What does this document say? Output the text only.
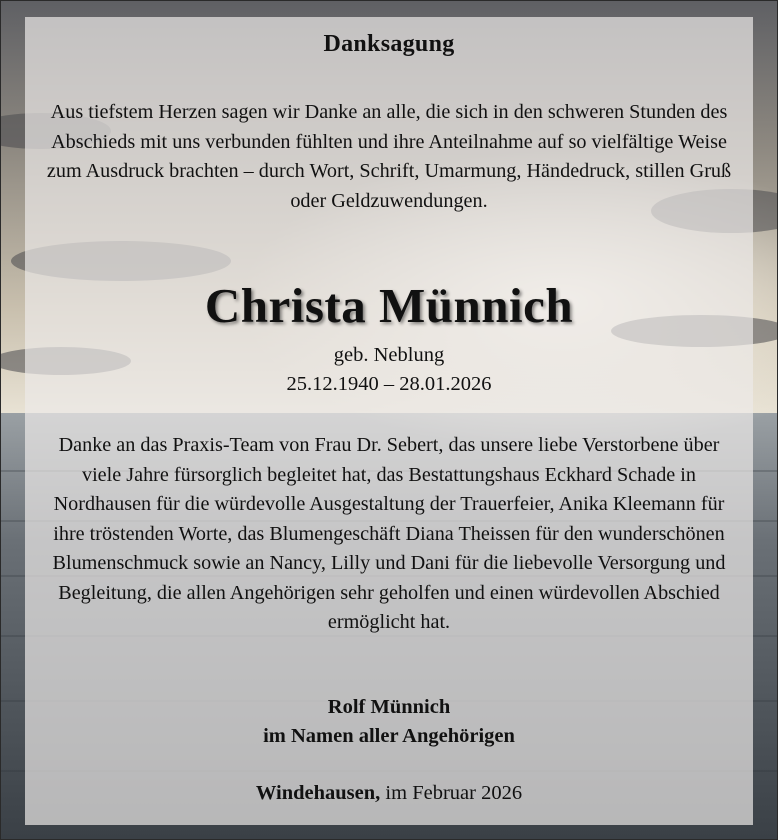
Danksagung
Aus tiefstem Herzen sagen wir Danke an alle, die sich in den schweren Stunden des Abschieds mit uns verbunden fühlten und ihre Anteilnahme auf so vielfältige Weise zum Ausdruck brachten – durch Wort, Schrift, Umarmung, Händedruck, stillen Gruß oder Geldzuwendungen.
Christa Münnich
geb. Neblung
25.12.1940 – 28.01.2026
Danke an das Praxis-Team von Frau Dr. Sebert, das unsere liebe Verstorbene über viele Jahre fürsorglich begleitet hat, das Bestattungshaus Eckhard Schade in Nordhausen für die würdevolle Ausgestaltung der Trauerfeier, Anika Kleemann für ihre tröstenden Worte, das Blumengeschäft Diana Theissen für den wunderschönen Blumenschmuck sowie an Nancy, Lilly und Dani für die liebevolle Versorgung und Begleitung, die allen Angehörigen sehr geholfen und einen würdevollen Abschied ermöglicht hat.
Rolf Münnich
im Namen aller Angehörigen
Windehausen, im Februar 2026
